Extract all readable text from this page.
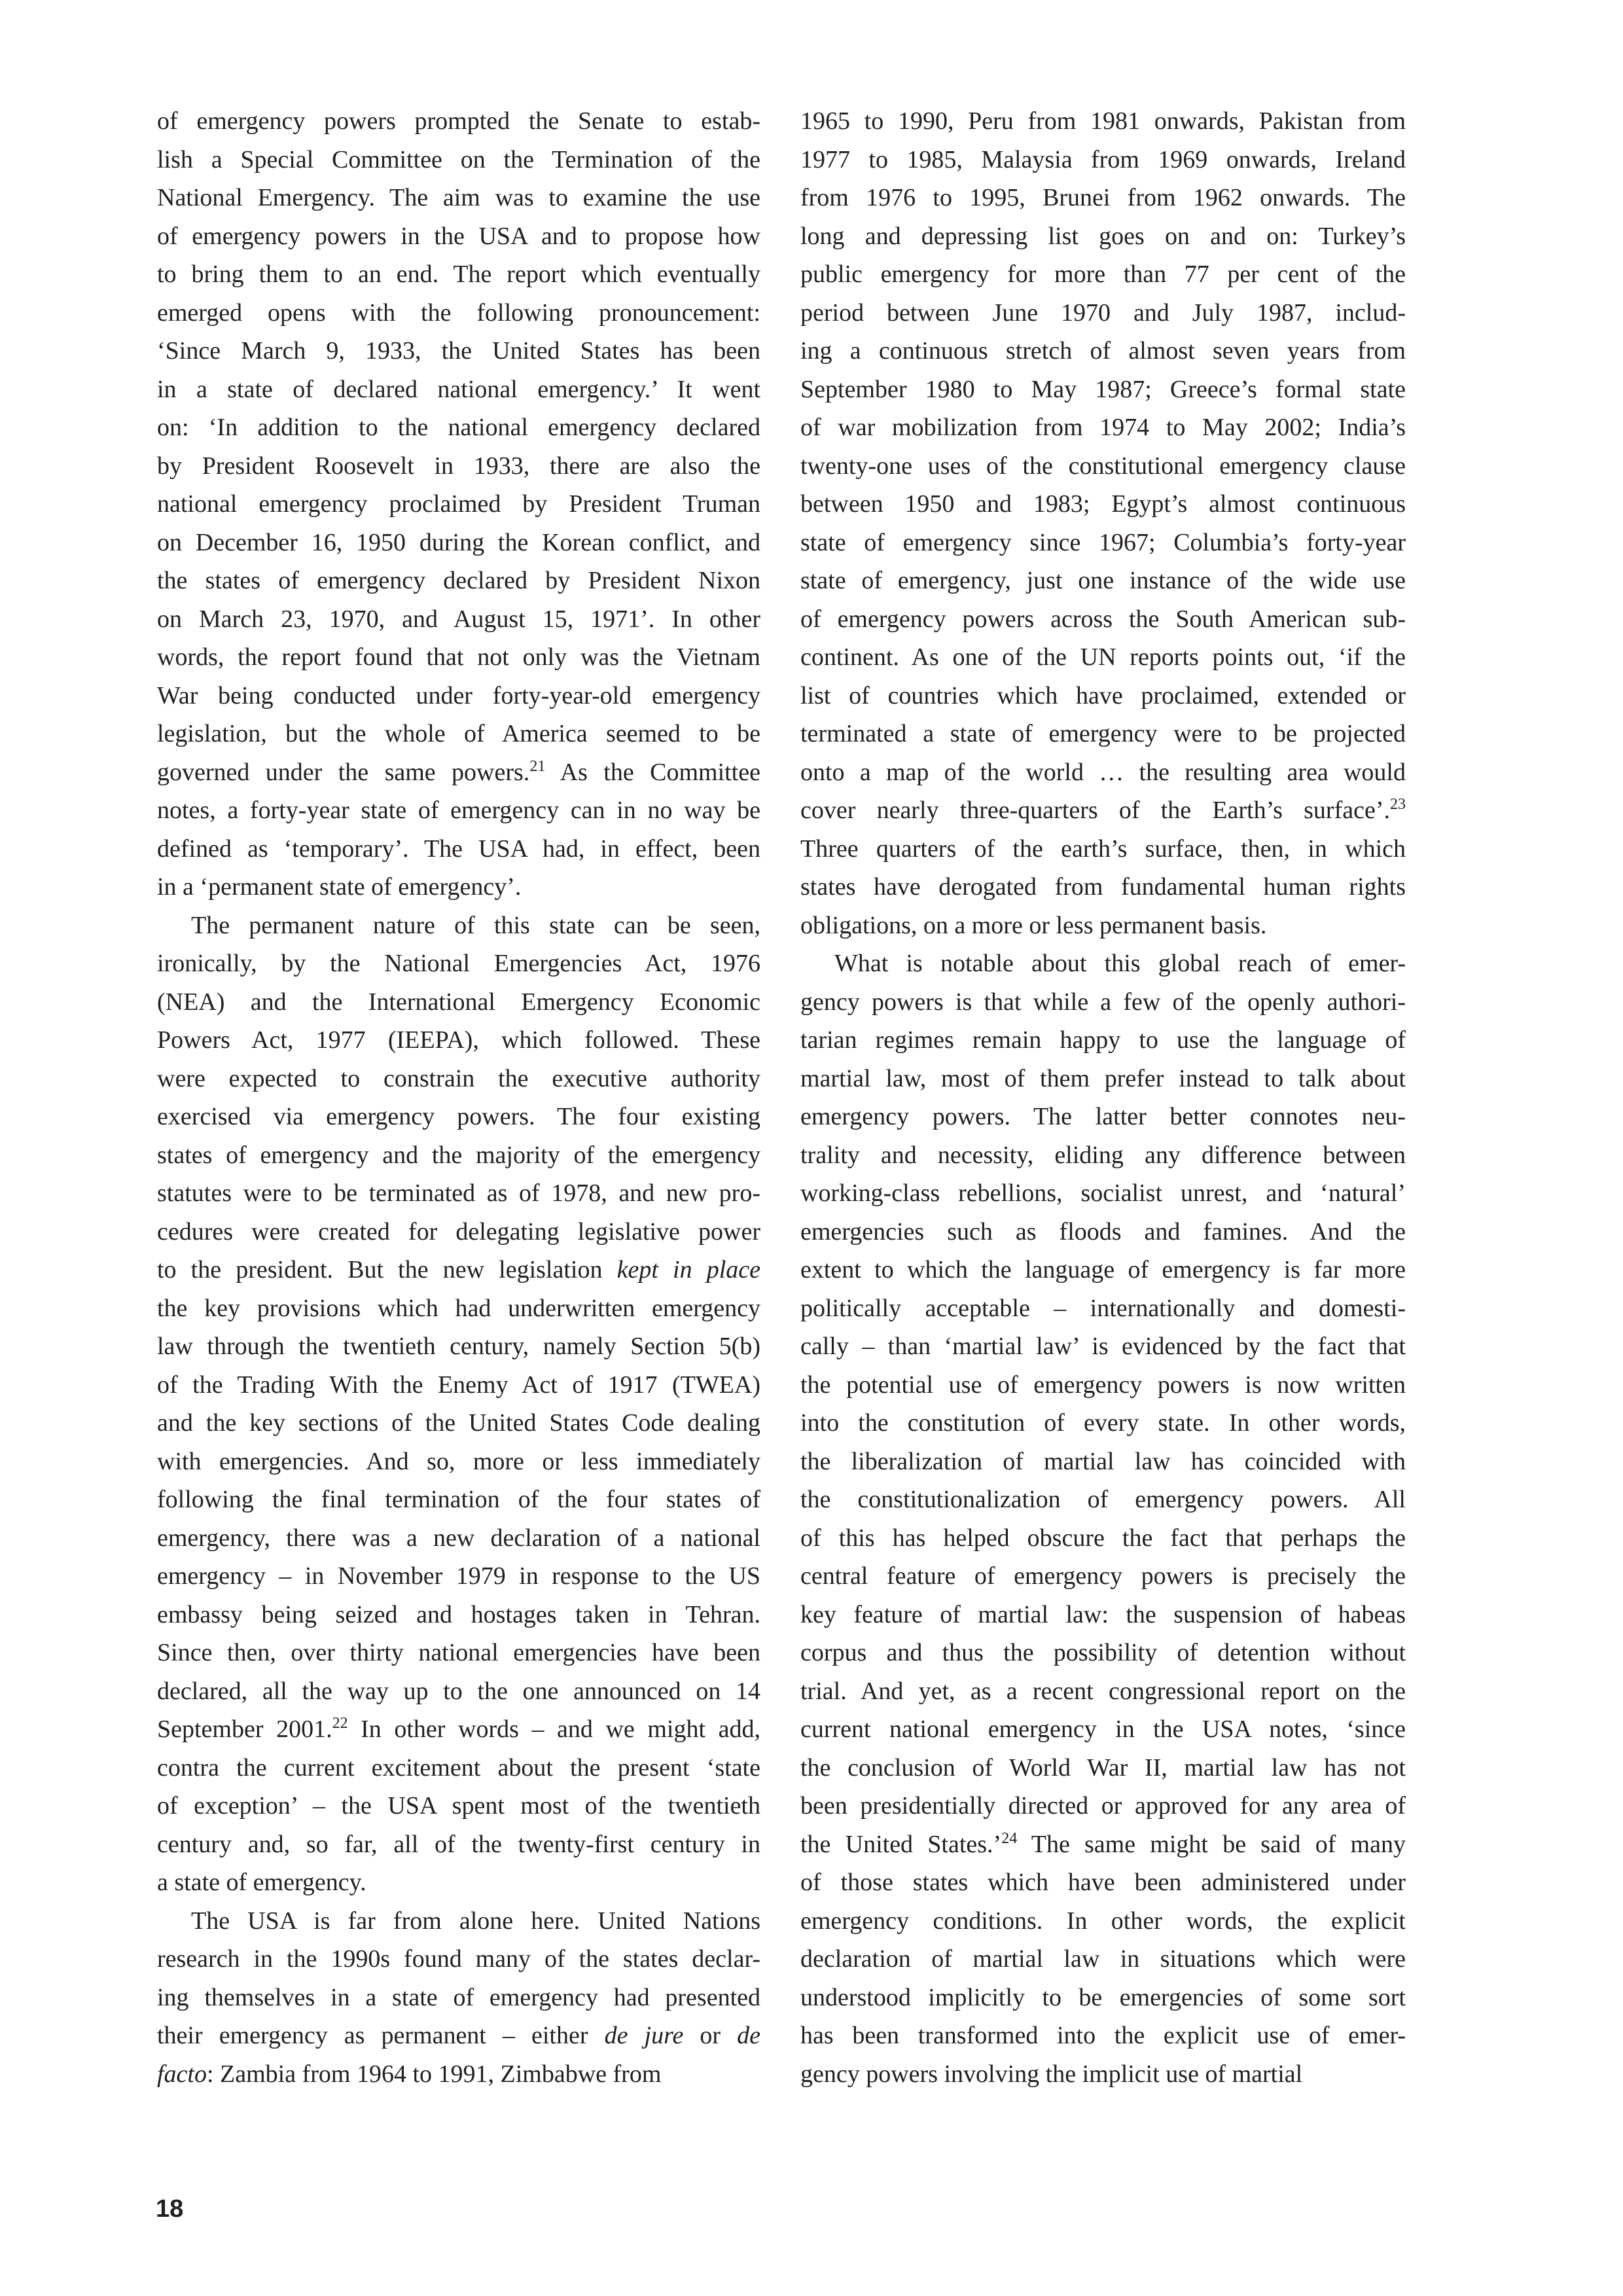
of emergency powers prompted the Senate to estab-
lish a Special Committee on the Termination of the
National Emergency. The aim was to examine the use
of emergency powers in the USA and to propose how
to bring them to an end. The report which eventually
emerged opens with the following pronouncement:
‘Since March 9, 1933, the United States has been
in a state of declared national emergency.’ It went
on: ‘In addition to the national emergency declared
by President Roosevelt in 1933, there are also the
national emergency proclaimed by President Truman
on December 16, 1950 during the Korean conflict, and
the states of emergency declared by President Nixon
on March 23, 1970, and August 15, 1971’. In other
words, the report found that not only was the Vietnam
War being conducted under forty-year-old emergency
legislation, but the whole of America seemed to be
governed under the same powers.$^{21}$ As the Committee
notes, a forty-year state of emergency can in no way be
defined as ‘temporary’. The USA had, in effect, been
in a ‘permanent state of emergency’.
The permanent nature of this state can be seen,
ironically, by the National Emergencies Act, 1976
(NEA) and the International Emergency Economic
Powers Act, 1977 (IEEPA), which followed. These
were expected to constrain the executive authority
exercised via emergency powers. The four existing
states of emergency and the majority of the emergency
statutes were to be terminated as of 1978, and new pro-
cedures were created for delegating legislative power
to the president. But the new legislation kept in place
the key provisions which had underwritten emergency
law through the twentieth century, namely Section 5(b)
of the Trading With the Enemy Act of 1917 (TWEA)
and the key sections of the United States Code dealing
with emergencies. And so, more or less immediately
following the final termination of the four states of
emergency, there was a new declaration of a national
emergency – in November 1979 in response to the US
embassy being seized and hostages taken in Tehran.
Since then, over thirty national emergencies have been
declared, all the way up to the one announced on 14
September 2001.22 In other words – and we might add,
contra the current excitement about the present ‘state
of exception’ – the USA spent most of the twentieth
century and, so far, all of the twenty-first century in
a state of emergency.
The USA is far from alone here. United Nations
research in the 1990s found many of the states declar-
ing themselves in a state of emergency had presented
their emergency as permanent – either de jure or de
facto: Zambia from 1964 to 1991, Zimbabwe from
1965 to 1990, Peru from 1981 onwards, Pakistan from
1977 to 1985, Malaysia from 1969 onwards, Ireland
from 1976 to 1995, Brunei from 1962 onwards. The
long and depressing list goes on and on: Turkey’s
public emergency for more than 77 per cent of the
period between June 1970 and July 1987, includ-
ing a continuous stretch of almost seven years from
September 1980 to May 1987; Greece’s formal state
of war mobilization from 1974 to May 2002; India’s
twenty-one uses of the constitutional emergency clause
between 1950 and 1983; Egypt’s almost continuous
state of emergency since 1967; Columbia’s forty-year
state of emergency, just one instance of the wide use
of emergency powers across the South American sub-
continent. As one of the UN reports points out, ‘if the
list of countries which have proclaimed, extended or
terminated a state of emergency were to be projected
onto a map of the world … the resulting area would
cover nearly three-quarters of the Earth’s surface’.$^{23}$
Three quarters of the earth’s surface, then, in which
states have derogated from fundamental human rights
obligations, on a more or less permanent basis.
What is notable about this global reach of emer-
gency powers is that while a few of the openly authori-
tarian regimes remain happy to use the language of
martial law, most of them prefer instead to talk about
emergency powers. The latter better connotes neu-
trality and necessity, eliding any difference between
working-class rebellions, socialist unrest, and ‘natural’
emergencies such as floods and famines. And the
extent to which the language of emergency is far more
politically acceptable – internationally and domesti-
cally – than ‘martial law’ is evidenced by the fact that
the potential use of emergency powers is now written
into the constitution of every state. In other words,
the liberalization of martial law has coincided with
the constitutionalization of emergency powers. All
of this has helped obscure the fact that perhaps the
central feature of emergency powers is precisely the
key feature of martial law: the suspension of habeas
corpus and thus the possibility of detention without
trial. And yet, as a recent congressional report on the
current national emergency in the USA notes, ‘since
the conclusion of World War II, martial law has not
been presidentially directed or approved for any area of
the United States.’$^{24}$ The same might be said of many
of those states which have been administered under
emergency conditions. In other words, the explicit
declaration of martial law in situations which were
understood implicitly to be emergencies of some sort
has been transformed into the explicit use of emer-
gency powers involving the implicit use of martial
18
